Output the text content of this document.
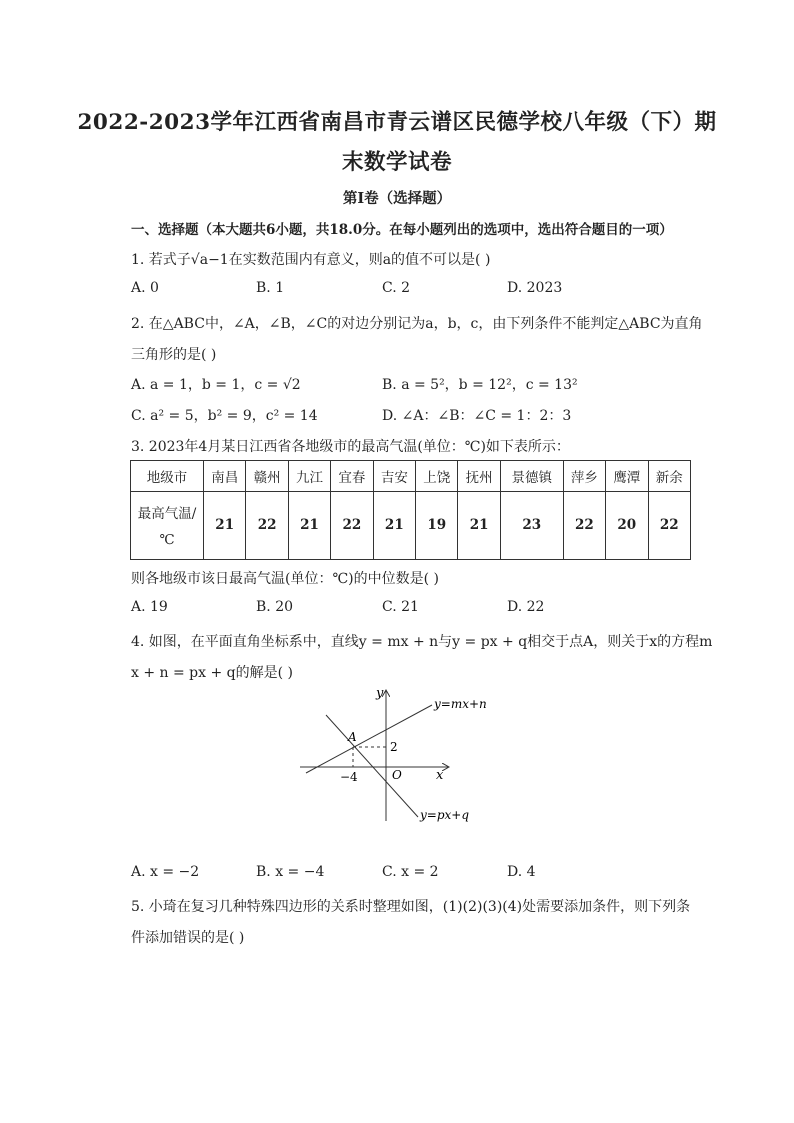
2022-2023学年江西省南昌市青云谱区民德学校八年级（下）期
末数学试卷
第Ⅰ卷（选择题）
一、选择题（本大题共6小题，共18.0分。在每小题列出的选项中，选出符合题目的一项）
1. 若式子√a−1在实数范围内有意义，则a的值不可以是( )
A. 0	B. 1	C. 2	D. 2023
2. 在△ABC中，∠A，∠B，∠C的对边分别记为a，b，c，由下列条件不能判定△ABC为直角
三角形的是( )
A. a = 1，b = 1，c = √2	B. a = 5²，b = 12²，c = 13²
C. a² = 5，b² = 9，c² = 14	D. ∠A：∠B：∠C = 1：2：3
3. 2023年4月某日江西省各地级市的最高气温(单位：℃)如下表所示：
地级市	南昌	赣州	九江	宜春	吉安	上饶	抚州	景德镇	萍乡	鹰潭	新余

最高气温/
℃	21	22	21	22	21	19	21	23	22	20	22
则各地级市该日最高气温(单位：℃)的中位数是( )
A. 19	B. 20	C. 21	D. 22
4. 如图，在平面直角坐标系中，直线y = mx + n与y = px + q相交于点A，则关于x的方程m
x + n = px + q的解是( )
y
x
O
A
2
−4
y=mx+n
y=px+q
A. x = −2	B. x = −4	C. x = 2	D. 4
5. 小琦在复习几种特殊四边形的关系时整理如图，(1)(2)(3)(4)处需要添加条件，则下列条
件添加错误的是( )
